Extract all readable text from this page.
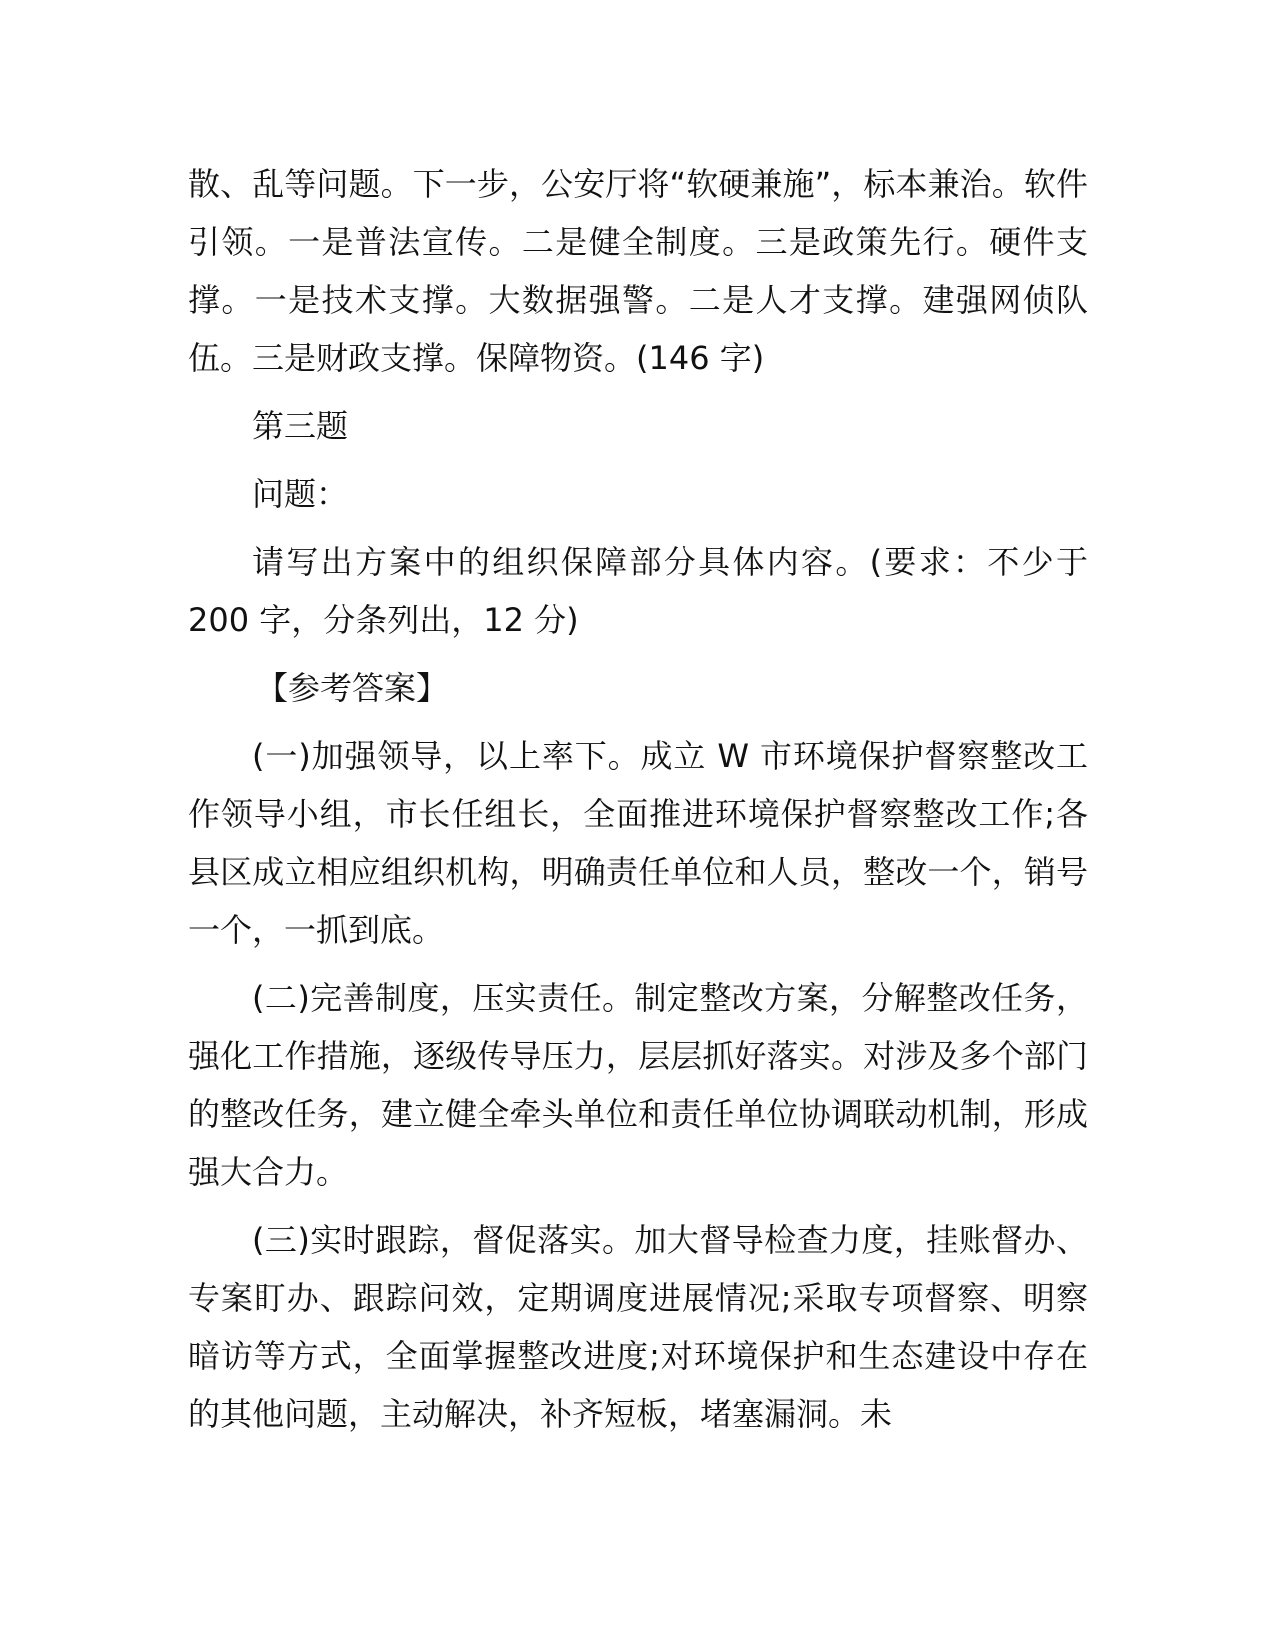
散、乱等问题。下一步，公安厅将“软硬兼施”，标本兼治。软件引领。一是普法宣传。二是健全制度。三是政策先行。硬件支撑。一是技术支撑。大数据强警。二是人才支撑。建强网侦队伍。三是财政支撑。保障物资。(146 字)

第三题

问题：

请写出方案中的组织保障部分具体内容。(要求：不少于 200 字，分条列出，12 分)

【参考答案】

(一)加强领导，以上率下。成立 W 市环境保护督察整改工作领导小组，市长任组长，全面推进环境保护督察整改工作;各县区成立相应组织机构，明确责任单位和人员，整改一个，销号一个，一抓到底。

(二)完善制度，压实责任。制定整改方案，分解整改任务，强化工作措施，逐级传导压力，层层抓好落实。对涉及多个部门的整改任务，建立健全牵头单位和责任单位协调联动机制，形成强大合力。

(三)实时跟踪，督促落实。加大督导检查力度，挂账督办、专案盯办、跟踪问效，定期调度进展情况;采取专项督察、明察暗访等方式，全面掌握整改进度;对环境保护和生态建设中存在的其他问题，主动解决，补齐短板，堵塞漏洞。未
